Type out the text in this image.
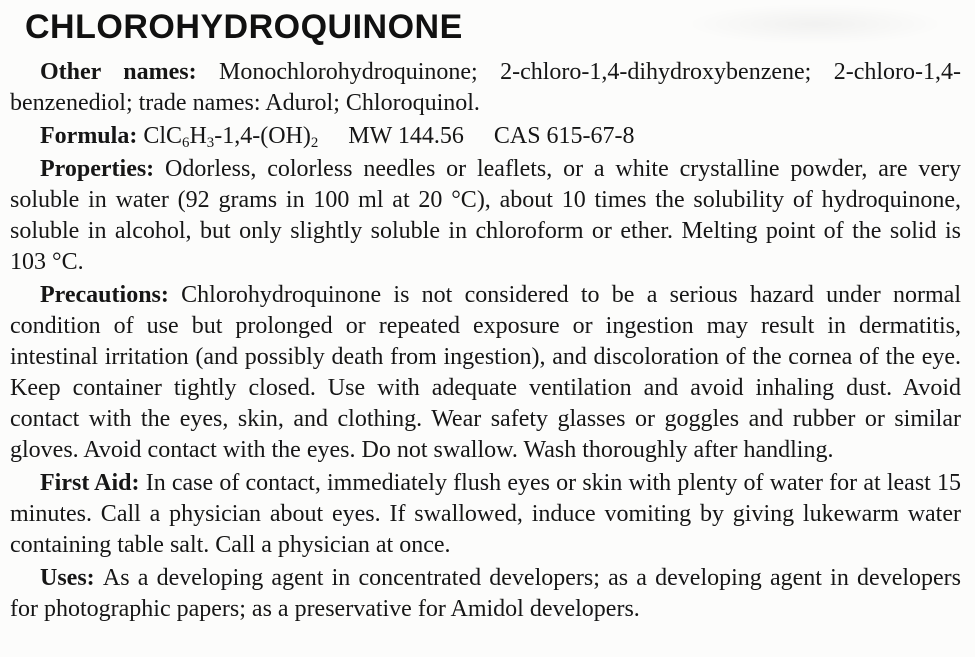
CHLOROHYDROQUINONE

Other names: Monochlorohydroquinone; 2-chloro-1,4-dihydroxybenzene; 2-chloro-1,4-benzenediol; trade names: Adurol; Chloroquinol.

Formula: $ClC_6H_3-1,4-(OH)_2$ MW 144.56 CAS 615-67-8

Properties: Odorless, colorless needles or leaflets, or a white crystalline powder, are very soluble in water (92 grams in 100 ml at 20 °C), about 10 times the solubility of hydroquinone, soluble in alcohol, but only slightly soluble in chloroform or ether. Melting point of the solid is 103 °C.

Precautions: Chlorohydroquinone is not considered to be a serious hazard under normal condition of use but prolonged or repeated exposure or ingestion may result in dermatitis, intestinal irritation (and possibly death from ingestion), and discoloration of the cornea of the eye. Keep container tightly closed. Use with adequate ventilation and avoid inhaling dust. Avoid contact with the eyes, skin, and clothing. Wear safety glasses or goggles and rubber or similar gloves. Avoid contact with the eyes. Do not swallow. Wash thoroughly after handling.

First Aid: In case of contact, immediately flush eyes or skin with plenty of water for at least 15 minutes. Call a physician about eyes. If swallowed, induce vomiting by giving lukewarm water containing table salt. Call a physician at once.

Uses: As a developing agent in concentrated developers; as a developing agent in developers for photographic papers; as a preservative for Amidol developers.
